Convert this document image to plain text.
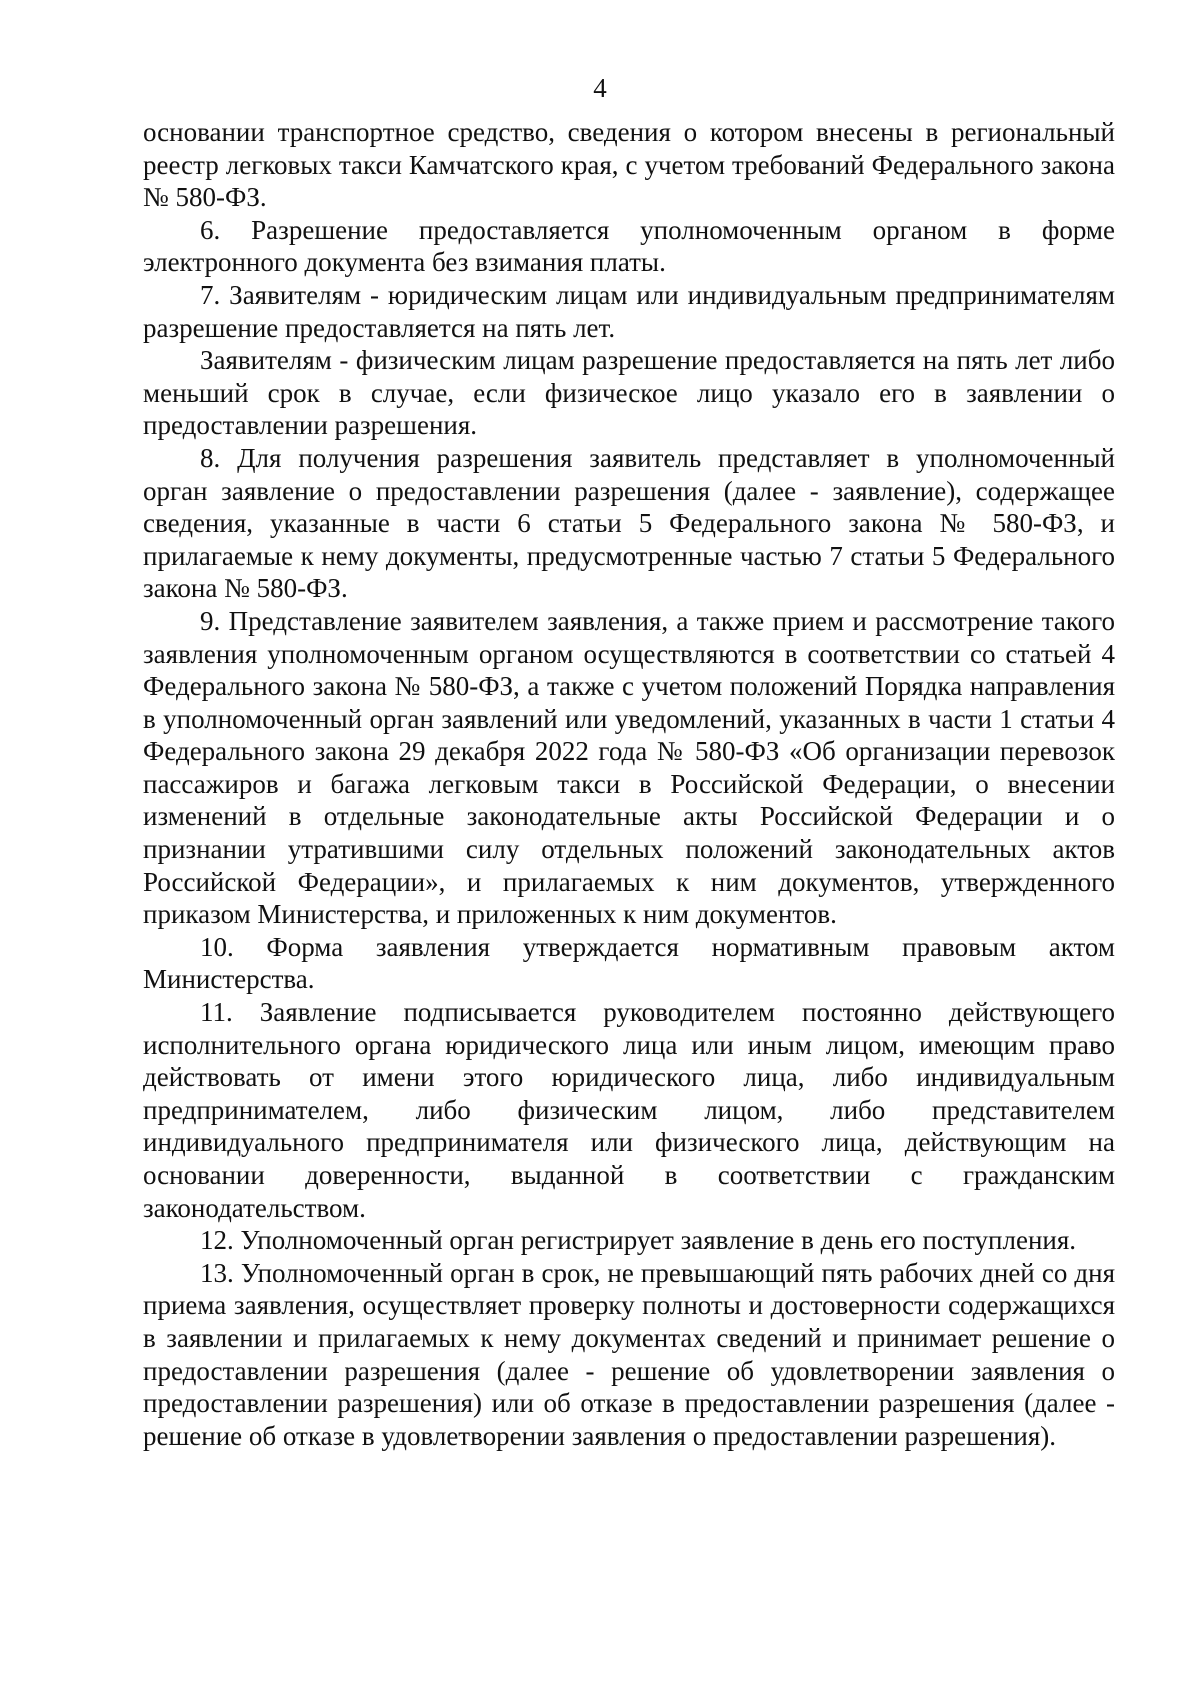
4

основании транспортное средство, сведения о котором внесены в региональный реестр легковых такси Камчатского края, с учетом требований Федерального закона № 580-ФЗ.

6. Разрешение предоставляется уполномоченным органом в форме электронного документа без взимания платы.

7. Заявителям - юридическим лицам или индивидуальным предпринимателям разрешение предоставляется на пять лет.

Заявителям - физическим лицам разрешение предоставляется на пять лет либо меньший срок в случае, если физическое лицо указало его в заявлении о предоставлении разрешения.

8. Для получения разрешения заявитель представляет в уполномоченный орган заявление о предоставлении разрешения (далее - заявление), содержащее сведения, указанные в части 6 статьи 5 Федерального закона № 580-ФЗ, и прилагаемые к нему документы, предусмотренные частью 7 статьи 5 Федерального закона № 580-ФЗ.

9. Представление заявителем заявления, а также прием и рассмотрение такого заявления уполномоченным органом осуществляются в соответствии со статьей 4 Федерального закона № 580-ФЗ, а также с учетом положений Порядка направления в уполномоченный орган заявлений или уведомлений, указанных в части 1 статьи 4 Федерального закона 29 декабря 2022 года № 580-ФЗ «Об организации перевозок пассажиров и багажа легковым такси в Российской Федерации, о внесении изменений в отдельные законодательные акты Российской Федерации и о признании утратившими силу отдельных положений законодательных актов Российской Федерации», и прилагаемых к ним документов, утвержденного приказом Министерства, и приложенных к ним документов.

10. Форма заявления утверждается нормативным правовым актом Министерства.

11. Заявление подписывается руководителем постоянно действующего исполнительного органа юридического лица или иным лицом, имеющим право действовать от имени этого юридического лица, либо индивидуальным предпринимателем, либо физическим лицом, либо представителем индивидуального предпринимателя или физического лица, действующим на основании доверенности, выданной в соответствии с гражданским законодательством.

12. Уполномоченный орган регистрирует заявление в день его поступления.

13. Уполномоченный орган в срок, не превышающий пять рабочих дней со дня приема заявления, осуществляет проверку полноты и достоверности содержащихся в заявлении и прилагаемых к нему документах сведений и принимает решение о предоставлении разрешения (далее - решение об удовлетворении заявления о предоставлении разрешения) или об отказе в предоставлении разрешения (далее - решение об отказе в удовлетворении заявления о предоставлении разрешения).
